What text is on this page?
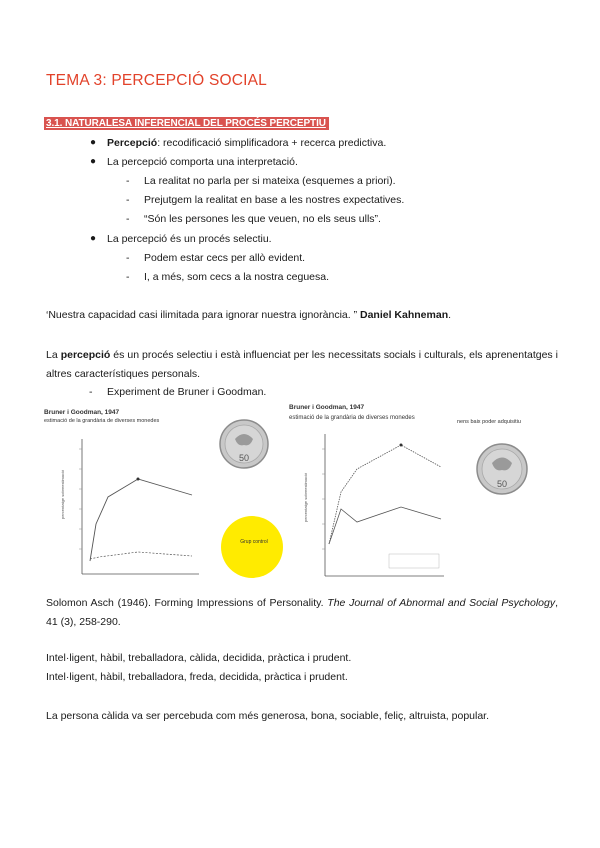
TEMA 3: PERCEPCIÓ SOCIAL
3.1. NATURALESA INFERENCIAL DEL PROCÉS PERCEPTIU
● Percepció: recodificació simplificadora + recerca predictiva.
● La percepció comporta una interpretació.
- La realitat no parla per si mateixa (esquemes a priori).
- Prejutgem la realitat en base a les nostres expectatives.
- “Són les persones les que veuen, no els seus ulls”.
● La percepció és un procés selectiu.
- Podem estar cecs per allò evident.
- I, a més, som cecs a la nostra ceguesa.
‘Nuestra capacidad casi ilimitada para ignorar nuestra ignorància. ” Daniel Kahneman.
La percepció és un procés selectiu i està influenciat per les necessitats socials i culturals, els aprenentatges i altres característiques personals.
- Experiment de Bruner i Goodman.
Bruner i Goodman, 1947
estimació de la grandària de diverses monedes
percentatge sobreestimació
50
Grup control
Bruner i Goodman, 1947
estimació de la grandària de diverses monedes
percentatge sobreestimació
nens baix poder adquisitiu
50
Solomon Asch (1946). Forming Impressions of Personality. The Journal of Abnormal and Social Psychology, 41 (3), 258-290.
Intel·ligent, hàbil, treballadora, càlida, decidida, pràctica i prudent.
Intel·ligent, hàbil, treballadora, freda, decidida, pràctica i prudent.
La persona càlida va ser percebuda com més generosa, bona, sociable, feliç, altruista, popular.
